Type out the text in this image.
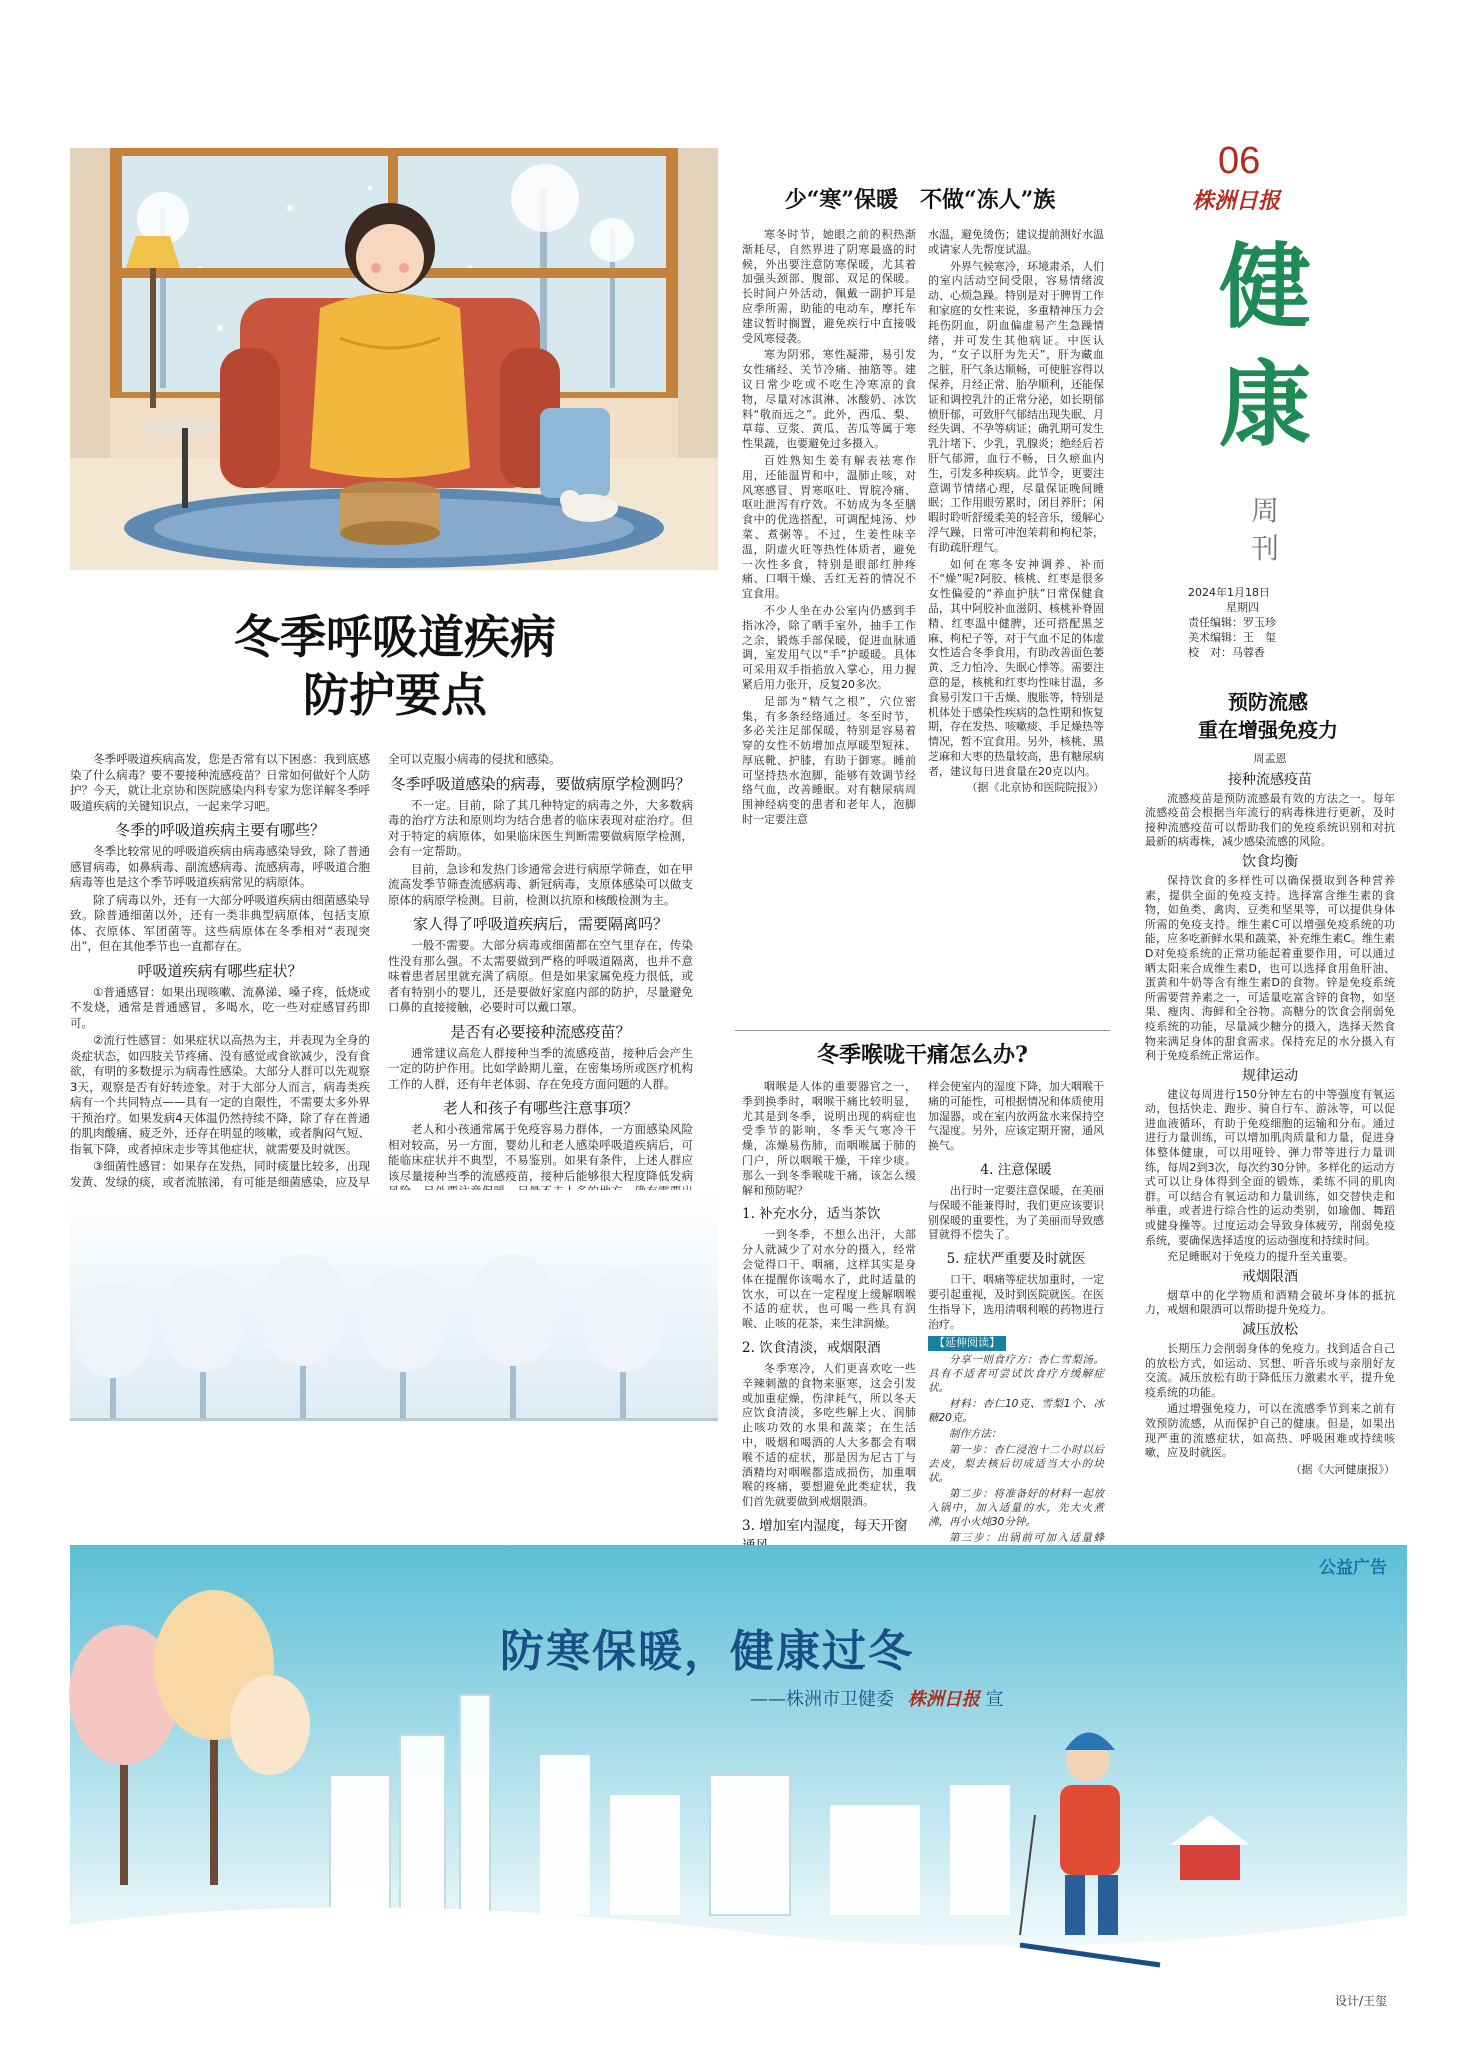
冬季呼吸道疾病
防护要点

冬季呼吸道疾病高发，您是否常有以下困惑：我到底感染了什么病毒？要不要接种流感疫苗？日常如何做好个人防护？今天，就让北京协和医院感染内科专家为您详解冬季呼吸道疾病的关键知识点，一起来学习吧。

冬季的呼吸道疾病主要有哪些？

冬季比较常见的呼吸道疾病由病毒感染导致，除了普通感冒病毒，如鼻病毒、副流感病毒、流感病毒，呼吸道合胞病毒等也是这个季节呼吸道疾病常见的病原体。

除了病毒以外，还有一大部分呼吸道疾病由细菌感染导致。除普通细菌以外，还有一类非典型病原体，包括支原体、衣原体、军团菌等。这些病原体在冬季相对“表现突出”，但在其他季节也一直都存在。

呼吸道疾病有哪些症状？

①普通感冒：如果出现咳嗽、流鼻涕、嗓子疼，低烧或不发烧，通常是普通感冒，多喝水，吃一些对症感冒药即可。

②流行性感冒：如果症状以高热为主，并表现为全身的炎症状态，如四肢关节疼痛、没有感觉或食欲减少，没有食欲，有明的多数提示为病毒性感染。大部分人群可以先观察3天，观察是否有好转迹象。对于大部分人而言，病毒类疾病有一个共同特点——具有一定的自限性，不需要太多外界干预治疗。如果发病4天体温仍然持续不降，除了存在普通的肌肉酸痛、疲乏外，还存在明显的咳嗽，或者胸闷气短、指氧下降，或者掉床走步等其他症状，就需要及时就医。

③细菌性感冒：如果存在发热，同时痰量比较多，出现发黄、发绿的痰，或者流脓涕，有可能是细菌感染，应及早

全可以克服小病毒的侵扰和感染。

冬季呼吸道感染的病毒，要做病原学检测吗？

不一定。目前，除了其几种特定的病毒之外，大多数病毒的治疗方法和原则均为结合患者的临床表现对症治疗。但对于特定的病原体，如果临床医生判断需要做病原学检测，会有一定帮助。

目前，急诊和发热门诊通常会进行病原学筛查，如在甲流高发季节筛查流感病毒、新冠病毒，支原体感染可以做支原体的病原学检测。目前，检测以抗原和核酸检测为主。

家人得了呼吸道疾病后，需要隔离吗？

一般不需要。大部分病毒或细菌都在空气里存在，传染性没有那么强。不太需要做到严格的呼吸道隔离，也并不意味着患者居里就充满了病原。但是如果家属免疫力很低，或者有特别小的婴儿，还是要做好家庭内部的防护，尽量避免口鼻的直接接触，必要时可以戴口罩。

是否有必要接种流感疫苗？

通常建议高危人群接种当季的流感疫苗，接种后会产生一定的防护作用。比如学龄期儿童，在密集场所或医疗机构工作的人群，还有年老体弱、存在免疫方面问题的人群。

老人和孩子有哪些注意事项？

老人和小孩通常属于免疫容易力群体，一方面感染风险相对较高，另一方面，婴幼儿和老人感染呼吸道疾病后，可能临床症状并不典型，不易鉴别。如果有条件，上述人群应该尽量接种当季的流感疫苗，接种后能够很大程度降低发病

少“寒”保暖　不做“冻人”族

寒冬时节，她眼之前的积热渐渐耗尽，自然界进了阴寒最盛的时候，外出要注意防寒保暖，尤其着加强头颈部、腹部、双足的保暖。长时间户外活动，佩戴一副护耳是应季所需，助能的电动车，摩托车建议暂时搁置，避免疾行中直接吸受风寒侵袭。

寒为阴邪，寒性凝滞，易引发女性痛经、关节冷痛、抽筋等。建议日常少吃或不吃生冷寒凉的食物，尽量对冰淇淋、冰酸奶、冰饮料“敬而远之”。此外，西瓜、梨、草莓、豆浆、黄瓜、苦瓜等属于寒性果蔬，也要避免过多摄入。

百姓熟知生姜有解表祛寒作用，还能温胃和中，温肺止咳，对风寒感冒、胃寒呕吐、胃脘冷痛、呕吐泄泻有疗效。不妨成为冬至膳食中的优选搭配，可调配炖汤、炒菜、煮粥等。不过，生姜性味辛温，阴虚火旺等热性体质者，避免一次性多食，特别是眼部红肿疼痛、口咽干燥、舌红无苔的情况不宜食用。

不少人坐在办公室内仍感到手指冰冷，除了晒手室外，抽手工作之余，锻炼手部保暖，促进血脉通调，室发用气以“手”护暖暖。具体可采用双手指掐放入掌心，用力握紧后用力张开，反复20多次。

足部为“精气之根”，穴位密集，有多条经络通过。冬至时节，多必关注足部保暖，特别是容易着穿的女性不妨增加点厚暖型短袜、厚底靴、护膝，有助于御寒。睡前可坚持热水泡脚，能够有效调节经络气血，改善睡眠。对有糖尿病周围神经病变的患者和老年人，泡脚时一定要注意

水温，避免烫伤；建议提前测好水温或请家人先帮度试温。

外界气候寒冷，环境肃杀，人们的室内活动空间受限，容易情绪波动、心烦急躁。特别是对于脾胃工作和家庭的女性来说，多重精神压力会耗伤阴血，阴血偏虚易产生急躁情绪，并可发生其他病证。中医认为，“女子以肝为先天”，肝为藏血之脏，肝气条达顺畅，可使脏容得以保养，月经正常、胎孕顺利，还能保证和调控乳汁的正常分泌，如长期郁愤肝郁，可致肝气郁结出现失眠、月经失调、不孕等病证；确乳期可发生乳汁堵下、少乳，乳腺炎；绝经后若肝气郁滞，血行不畅，日久瘀血内生，引发多种疾病。此节令，更要注意调节情绪心理，尽量保证晚间睡眠；工作用眼劳累时，闭目养肝；闲暇时聆听舒缓柔美的轻音乐，缓解心浮气躁，日常可冲泡茉莉和枸杞茶，有助疏肝理气。

如何在寒冬安神调养、补而不“燥”呢?阿胶、核桃、红枣是很多女性偏爱的“养血护肤”日常保健食品，其中阿胶补血滋阴、核桃补脊固精、红枣温中健脾，还可搭配黑芝麻、枸杞子等，对于气血不足的体虚女性适合冬季食用，有助改善面色萎黄、乏力怕冷、失眠心悸等。需要注意的是，核桃和红枣均性味甘温，多食易引发口干舌燥、腹胀等，特别是机体处于感染性疾病的急性期和恢复期，存在发热、咳嗽痰、手足燥热等情况，暂不宜食用。另外，核桃、黑芝麻和大枣的热量较高，患有糖尿病者，建议每日进食量在20克以内。

（据《北京协和医院院报》）
冬季喉咙干痛怎么办?

咽喉是人体的重要器官之一，季到换季时，咽喉干痛比较明显，尤其是到冬季，说明出现的病症也受季节的影响，冬季天气寒冷干燥，冻燥易伤肺，而咽喉属于肺的门户，所以咽喉干燥，干痒少痰。那么一到冬季喉咙干痛，该怎么缓解和预防呢？

1. 补充水分，适当茶饮

一到冬季，不想么出汗，大部分人就减少了对水分的摄入，经常会觉得口干、咽痛，这样其实是身体在提醒你该喝水了，此时适量的饮水，可以在一定程度上缓解咽喉不适的症状，也可喝一些具有润喉、止咳的花茶，来生津润燥。

2. 饮食清淡，戒烟限酒

冬季寒冷，人们更喜欢吃一些辛辣刺激的食物来驱寒，这会引发或加重症燥，伤津耗气，所以冬天应饮食清淡，多吃些解上火、润肺止咳功效的水果和蔬菜；在生活中，吸烟和喝酒的人大多都会有咽喉不适的症状，那是因为尼古丁与酒精均对咽喉都造成损伤，加重咽喉的疼痛，要想避免此类症状，我们首先就要做到戒烟限酒。

3. 增加室内湿度，每天开窗

样会使室内的湿度下降，加大咽喉干痛的可能性，可根据情况和体质使用加湿器，或在室内放两盆水来保持空气湿度。另外，应该定期开窗，通风换气。

4. 注意保暖

出行时一定要注意保暖，在美丽与保暖不能兼得时，我们更应该要识别保暖的重要性，为了美丽而导致感冒就得不偿失了。

5. 症状严重要及时就医

口干、咽痛等症状加重时，一定要引起重视，及时到医院就医。在医生指导下，选用清咽利喉的药物进行治疗。

【延伸阅读】

分享一则食疗方：杏仁雪梨汤。具有不适者可尝试饮食疗方缓解症状。

材料：杏仁10克、雪梨1个、冰糖20克。

制作方法：

第一步：杏仁浸泡十二小时以后去皮，梨去核后切成适当大小的块状。

第二步：将准备好的材料一起放入锅中，加入适量的水，先大火煮沸，再小火炖30分钟。

第三步：出锅前可加入适量蜂

06
株洲日报
健
康
周
刊
2024年1月18日
星期四
责任编辑：罗玉珍
美术编辑：王　玺
校　对：马蓉香
预防流感
重在增强免疫力
周孟恩
接种流感疫苗

流感疫苗是预防流感最有效的方法之一。每年流感疫苗会根据当年流行的病毒株进行更新，及时接种流感疫苗可以帮助我们的免疫系统识别和对抗最新的病毒株，减少感染流感的风险。

饮食均衡

保持饮食的多样性可以确保摄取到各种营养素，提供全面的免疫支持。选择富含维生素的食物，如鱼类、禽肉、豆类和坚果等，可以提供身体所需的免疫支持。维生素C可以增强免疫系统的功能，应多吃新鲜水果和蔬菜，补充维生素C。维生素D对免疫系统的正常功能起着重要作用，可以通过晒太阳来合成维生素D，也可以选择食用鱼肝油、蛋黄和牛奶等含有维生素D的食物。锌是免疫系统所需要营养素之一，可适量吃富含锌的食物，如坚果、瘦肉、海鲜和全谷物。高糖分的饮食会削弱免疫系统的功能，尽量减少糖分的摄入，选择天然食物来满足身体的甜食需求。保持充足的水分摄入有利于免疫系统正常运作。

规律运动

建议每周进行150分钟左右的中等强度有氧运动，包括快走、跑步、骑自行车、游泳等，可以促进血液循环，有助于免疫细胞的运输和分布。通过进行力量训练，可以增加肌肉质量和力量，促进身体整体健康，可以用哑铃、弹力带等进行力量训练，每周2到3次，每次约30分钟。多样化的运动方式可以让身体得到全面的锻炼，柔练不同的肌肉群。可以结合有氧运动和力量训练，如交替快走和举重，或者进行综合性的运动类别，如瑜伽、舞蹈或健身操等。过度运动会导致身体疲劳，削弱免疫系统，要确保选择适度的运动强度和持续时间。

充足睡眠对于免疫力的提升至关重要。

戒烟限酒

烟草中的化学物质和酒精会破坏身体的抵抗力，戒烟和限酒可以帮助提升免疫力。

减压放松

长期压力会削弱身体的免疫力。找到适合自己的放松方式，如运动、冥想、听音乐或与亲朋好友交流。减压放松有助于降低压力激素水平，提升免疫系统的功能。

通过增强免疫力，可以在流感季节到来之前有效预防流感，从而保护自己的健康。但是，如果出现严重的流感症状，如高热、呼吸困难或持续咳嗽，应及时就医。

（据《大河健康报》）
公益广告
防寒保暖，健康过冬
——株洲市卫健委 株洲日报 宣
设计/王玺
